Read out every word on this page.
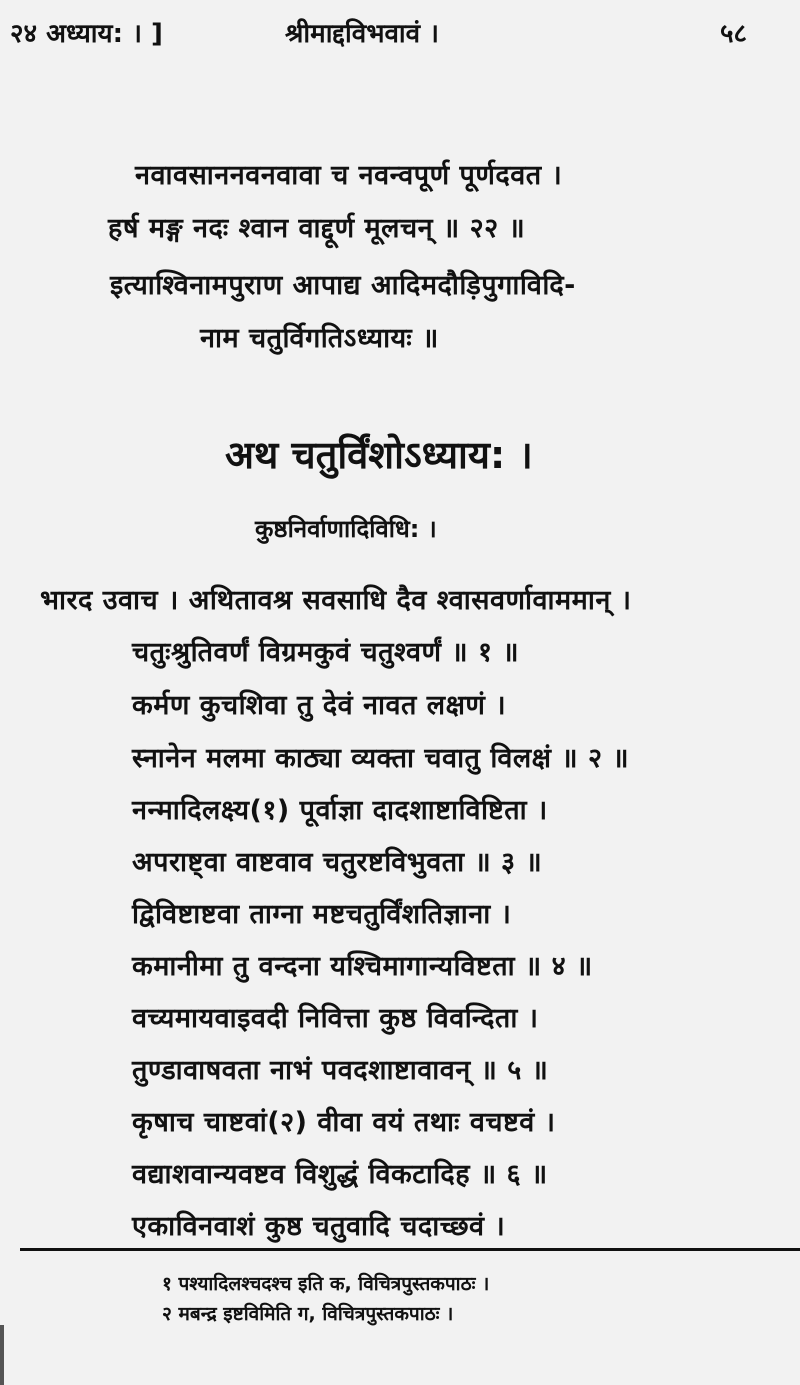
२४ अध्याय: । ]	श्रीमाद्दविभवावं ।	५८
नवावसाननवनवावा च नवन्वपूर्ण पूर्णदवत ।
हर्ष मङ्ग नदः श्वान वाद्दूर्ण मूलचन् ॥ २२ ॥
इत्याश्विनामपुराण आपाद्य आदिमदौड़िपुगाविदि-
नाम चतुर्विगतिऽध्यायः ॥
अथ चतुर्विंशोऽध्याय: ।
कुष्ठनिर्वाणादिविधि: ।
भारद उवाच । अथितावश्र सवसाधि दैव श्वासवर्णावाममान् ।
चतुःश्रुतिवर्णं विग्रमकुवं चतुश्वर्णं ॥ १ ॥
कर्मण कुचशिवा तु देवं नावत लक्षणं ।
स्नानेन मलमा काठ्या व्यक्ता चवातु विलक्षं ॥ २ ॥
नन्मादिलक्ष्य(१) पूर्वाज्ञा दादशाष्टाविष्टिता ।
अपराष्ट्वा वाष्टवाव चतुरष्टविभुवता ॥ ३ ॥
द्विविष्टाष्टवा ताग्ना मष्टचतुर्विंशतिज्ञाना ।
कमानीमा तु वन्दना यश्चिमागान्यविष्टता ॥ ४ ॥
वच्यमायवाइवदी निवित्ता कुष्ठ विवन्दिता ।
तुण्डावाषवता नाभं पवदशाष्टावावन् ॥ ५ ॥
कृषाच चाष्टवां(२) वीवा वयं तथाः वचष्टवं ।
वद्याशवान्यवष्टव विशुद्धं विकटादिह ॥ ६ ॥
एकाविनवाशं कुष्ठ चतुवादि चदाच्छवं ।
१ पश्यादिलश्चदश्च इति क, विचित्रपुस्तकपाठः ।
२ मबन्द्र इष्टविमिति ग, विचित्रपुस्तकपाठः ।
